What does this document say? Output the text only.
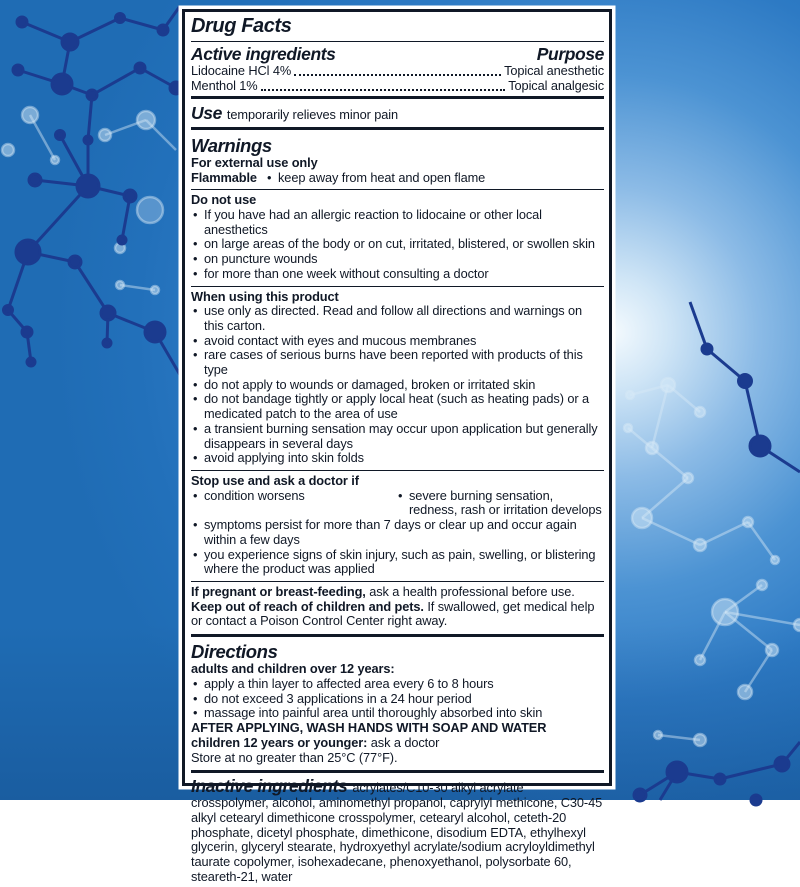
Drug Facts
Active ingredients	Purpose
Lidocaine HCl 4%	Topical anesthetic
Menthol 1%	Topical analgesic
Use temporarily relieves minor pain
Warnings
For external use only
Flammable	• keep away from heat and open flame
Do not use
• If you have had an allergic reaction to lidocaine or other local anesthetics
• on large areas of the body or on cut, irritated, blistered, or swollen skin
• on puncture wounds
• for more than one week without consulting a doctor
When using this product
• use only as directed. Read and follow all directions and warnings on this carton.
• avoid contact with eyes and mucous membranes
• rare cases of serious burns have been reported with products of this type
• do not apply to wounds or damaged, broken or irritated skin
• do not bandage tightly or apply local heat (such as heating pads) or a medicated patch to the area of use
• a transient burning sensation may occur upon application but generally disappears in several days
• avoid applying into skin folds
Stop use and ask a doctor if
• condition worsens	• severe burning sensation, redness, rash or irritation develops
• symptoms persist for more than 7 days or clear up and occur again within a few days
• you experience signs of skin injury, such as pain, swelling, or blistering where the product was applied
If pregnant or breast-feeding, ask a health professional before use. Keep out of reach of children and pets. If swallowed, get medical help or contact a Poison Control Center right away.
Directions
adults and children over 12 years:
• apply a thin layer to affected area every 6 to 8 hours
• do not exceed 3 applications in a 24 hour period
• massage into painful area until thoroughly absorbed into skin
AFTER APPLYING, WASH HANDS WITH SOAP AND WATER
children 12 years or younger: ask a doctor
Store at no greater than 25°C (77°F).
Inactive ingredients acrylates/C10-30 alkyl acrylate crosspolymer, alcohol, aminomethyl propanol, caprylyl methicone, C30-45 alkyl cetearyl dimethicone crosspolymer, cetearyl alcohol, ceteth-20 phosphate, dicetyl phosphate, dimethicone, disodium EDTA, ethylhexyl glycerin, glyceryl stearate, hydroxyethyl acrylate/sodium acryloyldimethyl taurate copolymer, isohexadecane, phenoxyethanol, polysorbate 60, steareth-21, water
